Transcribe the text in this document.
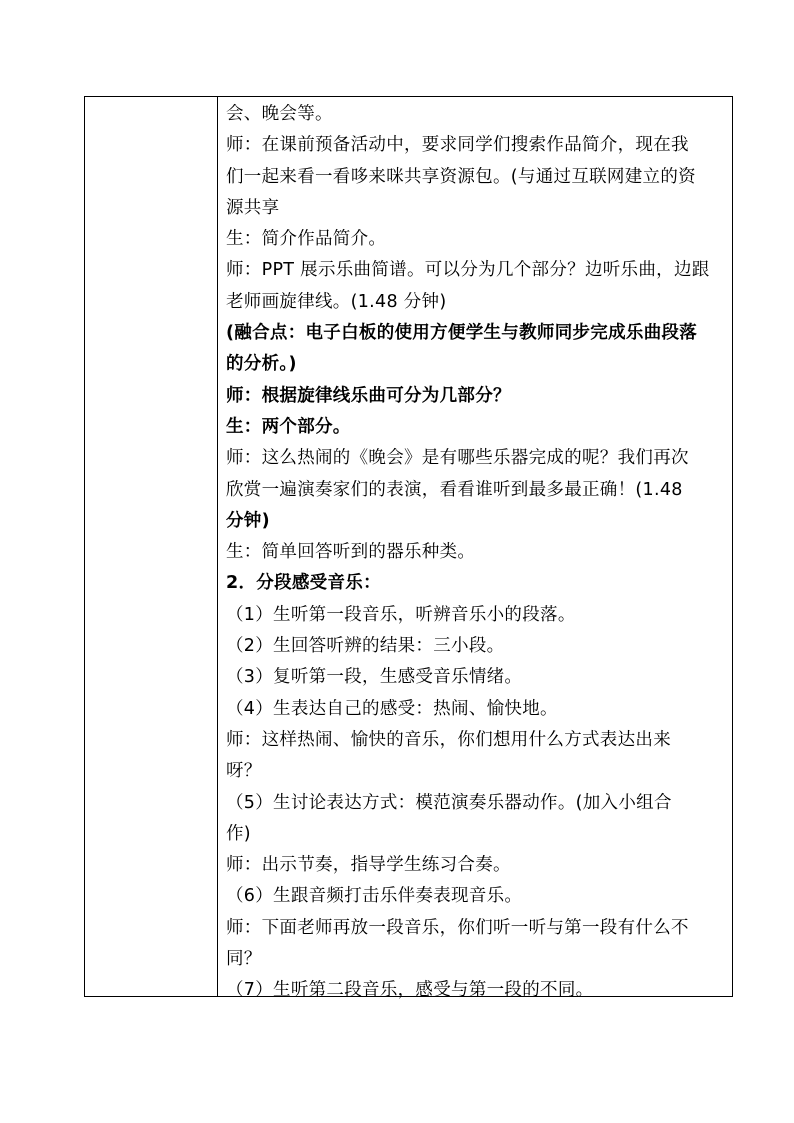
会、晚会等。
师：在课前预备活动中，要求同学们搜索作品简介，现在我
们一起来看一看哆来咪共享资源包。(与通过互联网建立的资
源共享
生：简介作品简介。
师：PPT 展示乐曲简谱。可以分为几个部分？边听乐曲，边跟
老师画旋律线。(1.48 分钟)
(融合点：电子白板的使用方便学生与教师同步完成乐曲段落
的分析。)
师：根据旋律线乐曲可分为几部分？
生：两个部分。
师：这么热闹的《晚会》是有哪些乐器完成的呢？我们再次
欣赏一遍演奏家们的表演，看看谁听到最多最正确！(1.48
分钟)
生：简单回答听到的器乐种类。
2．分段感受音乐：
（1）生听第一段音乐，听辨音乐小的段落。
（2）生回答听辨的结果：三小段。
（3）复听第一段，生感受音乐情绪。
（4）生表达自己的感受：热闹、愉快地。
师：这样热闹、愉快的音乐，你们想用什么方式表达出来
呀？
（5）生讨论表达方式：模范演奏乐器动作。(加入小组合
作)
师：出示节奏，指导学生练习合奏。
（6）生跟音频打击乐伴奏表现音乐。
师：下面老师再放一段音乐，你们听一听与第一段有什么不
同？
（7）生听第二段音乐，感受与第一段的不同。
